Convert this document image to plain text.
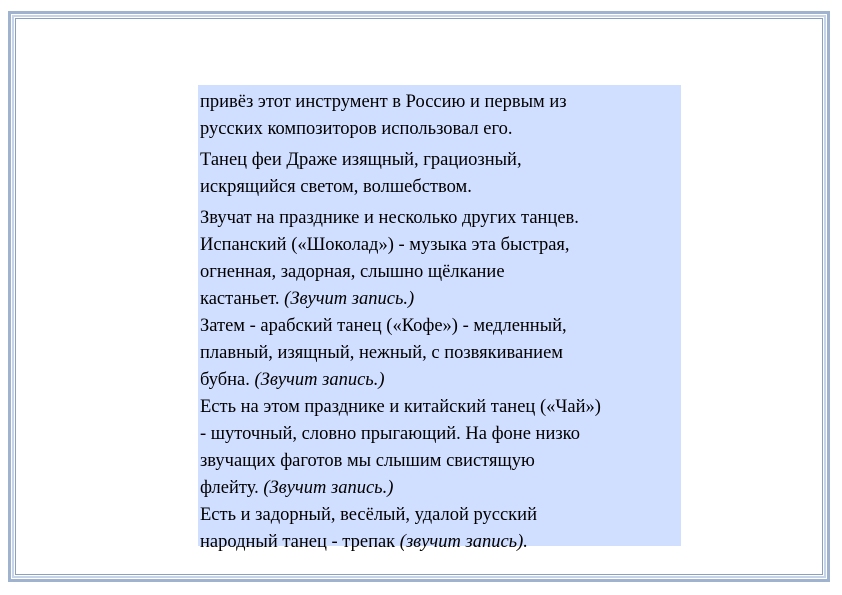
привёз этот инструмент в Россию и первым из
русских композиторов использовал его.
Танец феи Драже изящный, грациозный,
искрящийся светом, волшебством.
Звучат на празднике и несколько других танцев.
Испанский («Шоколад») - музыка эта быстрая,
огненная, задорная, слышно щёлкание
кастаньет. (Звучит запись.)
Затем - арабский танец («Кофе») - медленный,
плавный, изящный, нежный, с позвякиванием
бубна. (Звучит запись.)
Есть на этом празднике и китайский танец («Чай»)
- шуточный, словно прыгающий. На фоне низко
звучащих фаготов мы слышим свистящую
флейту. (Звучит запись.)
Есть и задорный, весёлый, удалой русский
народный танец - трепак (звучит запись).
